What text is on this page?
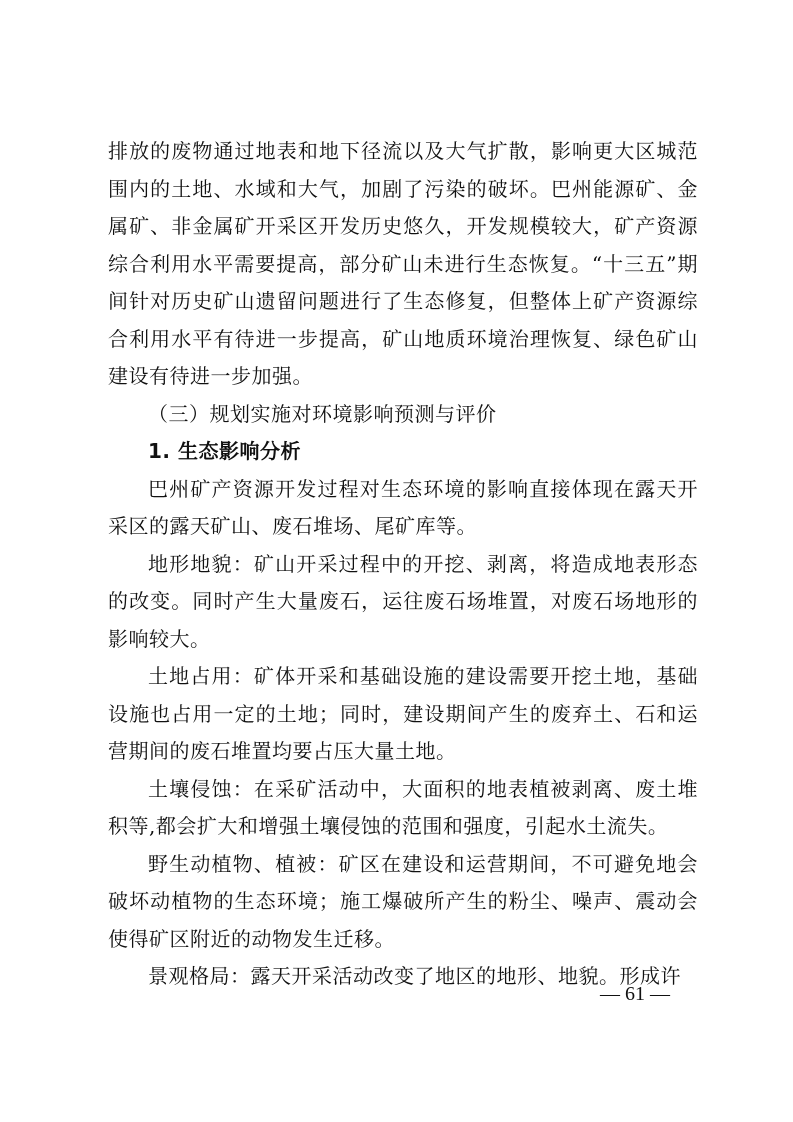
排放的废物通过地表和地下径流以及大气扩散，影响更大区城范围内的土地、水域和大气，加剧了污染的破坏。巴州能源矿、金属矿、非金属矿开采区开发历史悠久，开发规模较大，矿产资源综合利用水平需要提高，部分矿山未进行生态恢复。“十三五”期间针对历史矿山遗留问题进行了生态修复，但整体上矿产资源综合利用水平有待进一步提高，矿山地质环境治理恢复、绿色矿山建设有待进一步加强。

（三）规划实施对环境影响预测与评价

1. 生态影响分析

巴州矿产资源开发过程对生态环境的影响直接体现在露天开采区的露天矿山、废石堆场、尾矿库等。

地形地貌：矿山开采过程中的开挖、剥离，将造成地表形态的改变。同时产生大量废石，运往废石场堆置，对废石场地形的影响较大。

土地占用：矿体开采和基础设施的建设需要开挖土地，基础设施也占用一定的土地；同时，建设期间产生的废弃土、石和运营期间的废石堆置均要占压大量土地。

土壤侵蚀：在采矿活动中，大面积的地表植被剥离、废土堆积等,都会扩大和增强土壤侵蚀的范围和强度，引起水土流失。

野生动植物、植被：矿区在建设和运营期间，不可避免地会破坏动植物的生态环境；施工爆破所产生的粉尘、噪声、震动会使得矿区附近的动物发生迁移。

景观格局：露天开采活动改变了地区的地形、地貌。形成许

— 61 —
